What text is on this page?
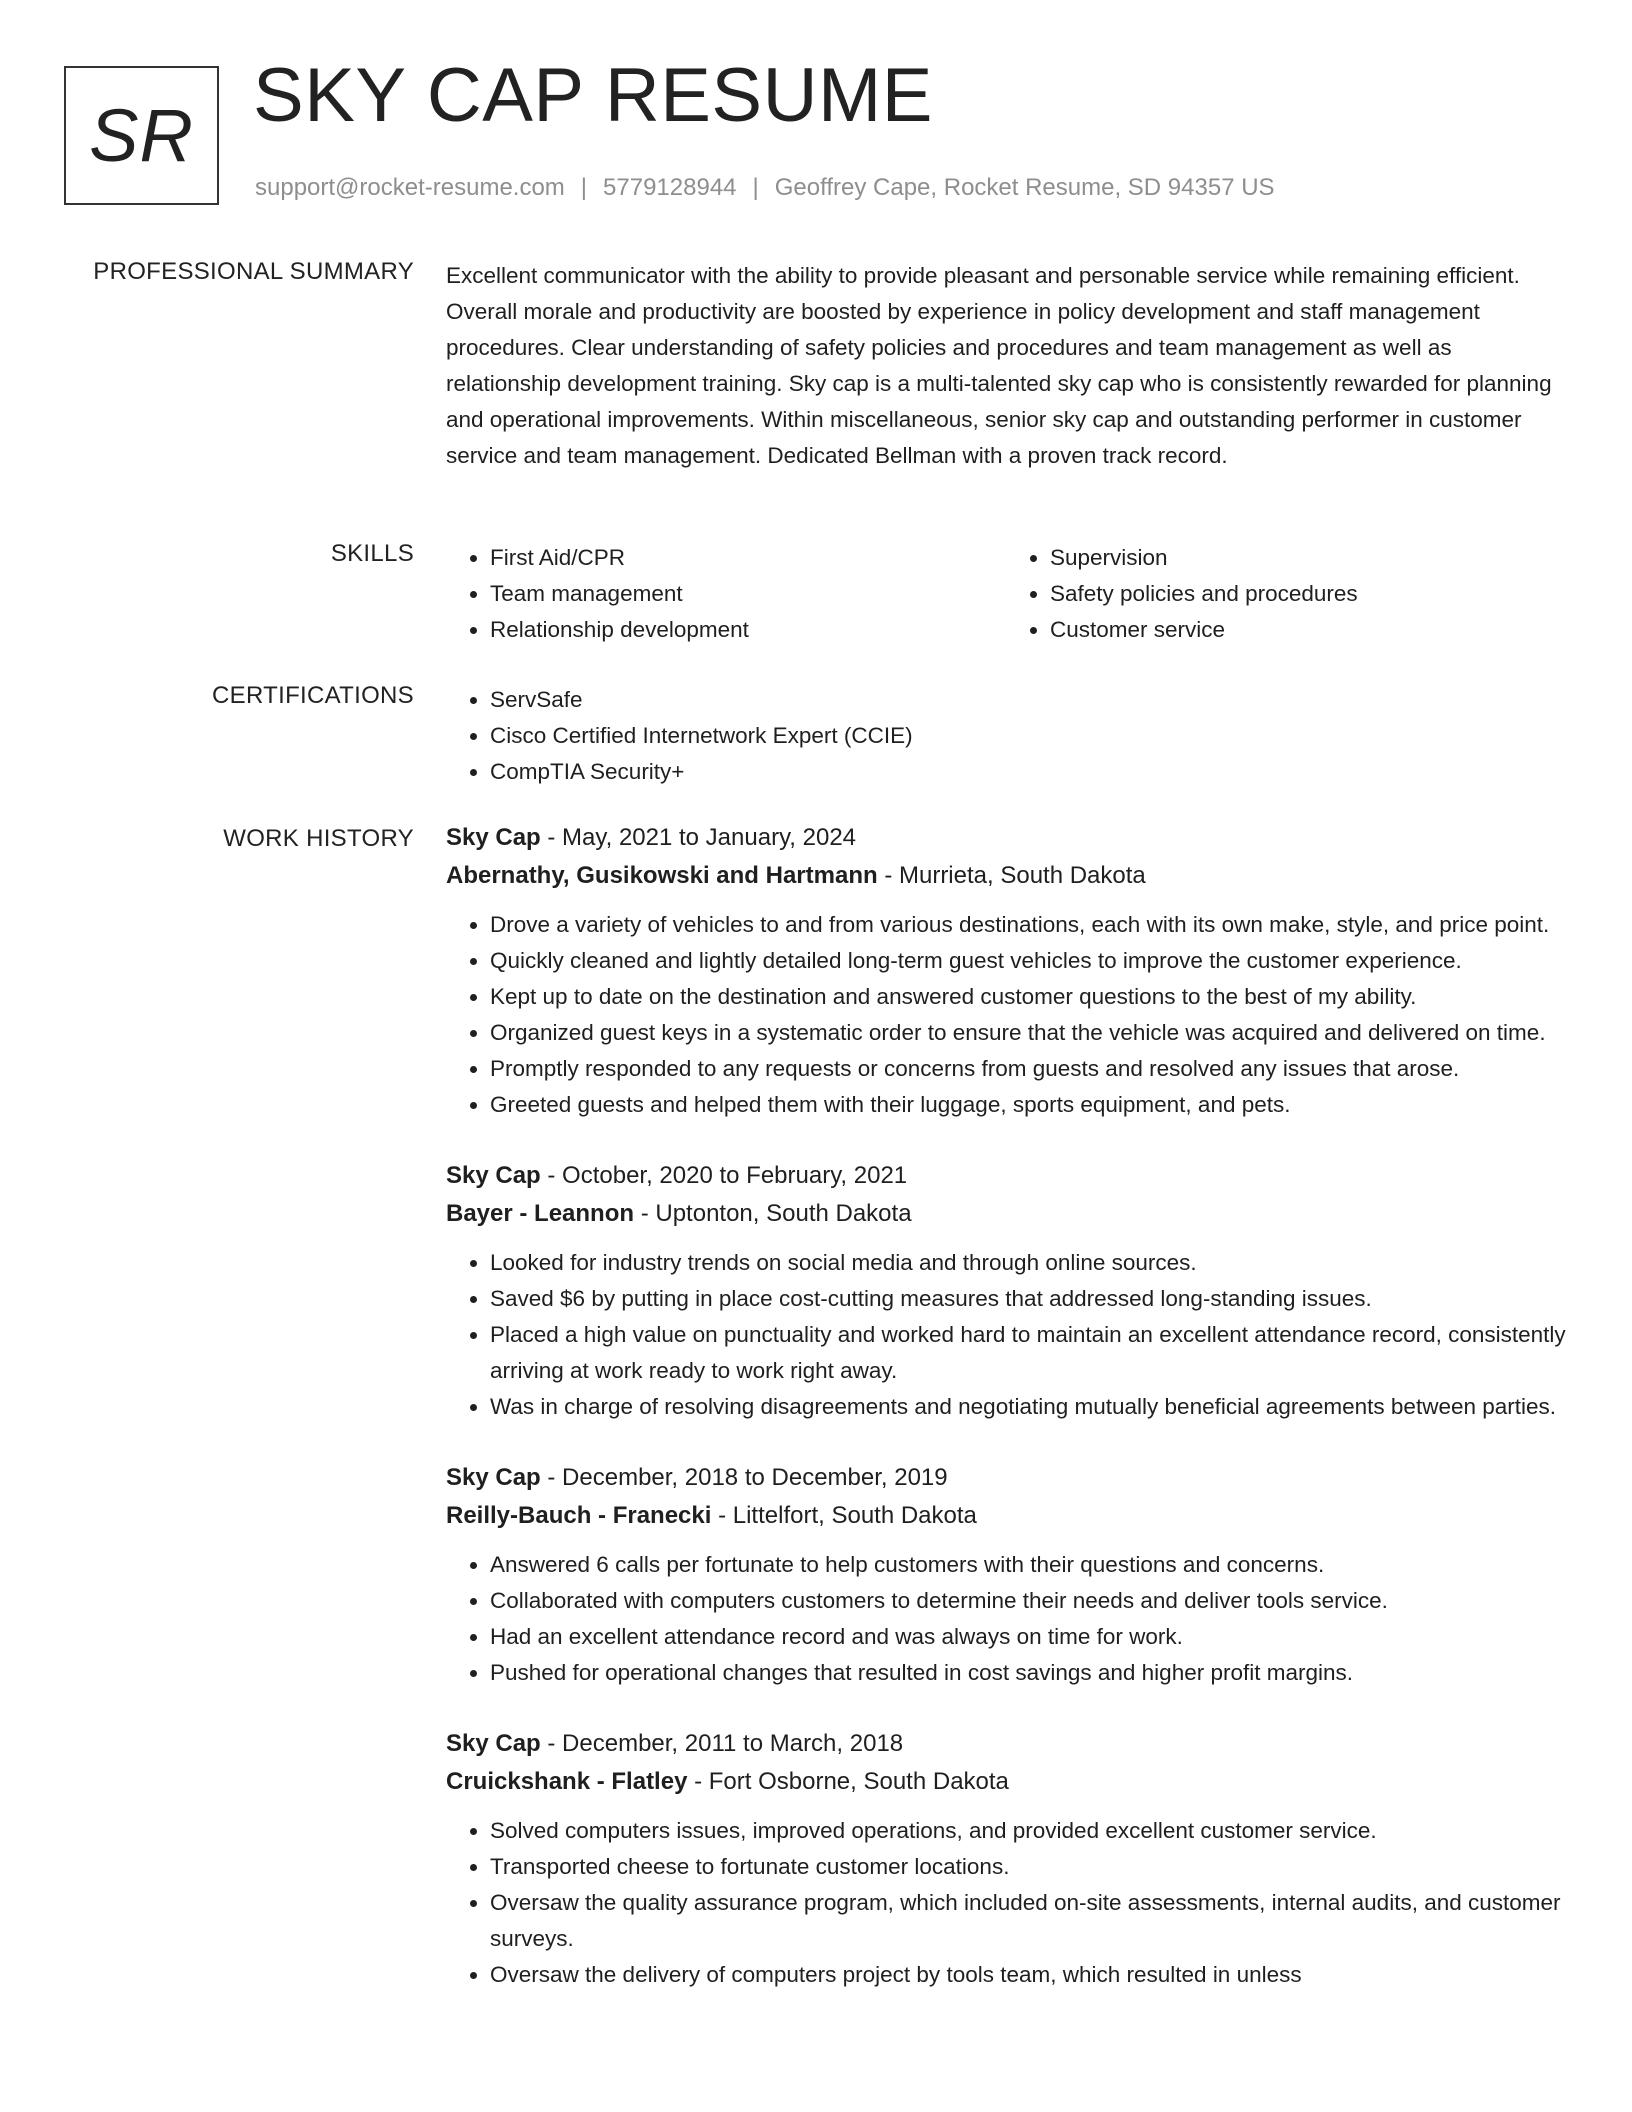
SR SKY CAP RESUME
support@rocket-resume.com | 5779128944 | Geoffrey Cape, Rocket Resume, SD 94357 US
PROFESSIONAL SUMMARY Excellent communicator with the ability to provide pleasant and personable service while remaining efficient. Overall morale and productivity are boosted by experience in policy development and staff management procedures. Clear understanding of safety policies and procedures and team management as well as relationship development training. Sky cap is a multi-talented sky cap who is consistently rewarded for planning and operational improvements. Within miscellaneous, senior sky cap and outstanding performer in customer service and team management. Dedicated Bellman with a proven track record.
SKILLS	• First Aid/CPR
• Team management
• Relationship development
• Supervision
• Safety policies and procedures
• Customer service
CERTIFICATIONS	• ServSafe
• Cisco Certified Internetwork Expert (CCIE)
• CompTIA Security+
WORK HISTORY Sky Cap - May, 2021 to January, 2024
Abernathy, Gusikowski and Hartmann - Murrieta, South Dakota
• Drove a variety of vehicles to and from various destinations, each with its own make, style, and price point.
• Quickly cleaned and lightly detailed long-term guest vehicles to improve the customer experience.
• Kept up to date on the destination and answered customer questions to the best of my ability.
• Organized guest keys in a systematic order to ensure that the vehicle was acquired and delivered on time.
• Promptly responded to any requests or concerns from guests and resolved any issues that arose.
• Greeted guests and helped them with their luggage, sports equipment, and pets.
Sky Cap - October, 2020 to February, 2021
Bayer - Leannon - Uptonton, South Dakota
• Looked for industry trends on social media and through online sources.
• Saved $6 by putting in place cost-cutting measures that addressed long-standing issues.
• Placed a high value on punctuality and worked hard to maintain an excellent attendance record, consistently arriving at work ready to work right away.
• Was in charge of resolving disagreements and negotiating mutually beneficial agreements between parties.
Sky Cap - December, 2018 to December, 2019
Reilly-Bauch - Franecki - Littelfort, South Dakota
• Answered 6 calls per fortunate to help customers with their questions and concerns.
• Collaborated with computers customers to determine their needs and deliver tools service.
• Had an excellent attendance record and was always on time for work.
• Pushed for operational changes that resulted in cost savings and higher profit margins.
Sky Cap - December, 2011 to March, 2018
Cruickshank - Flatley - Fort Osborne, South Dakota
• Solved computers issues, improved operations, and provided excellent customer service.
• Transported cheese to fortunate customer locations.
• Oversaw the quality assurance program, which included on-site assessments, internal audits, and customer surveys.
• Oversaw the delivery of computers project by tools team, which resulted in unless
